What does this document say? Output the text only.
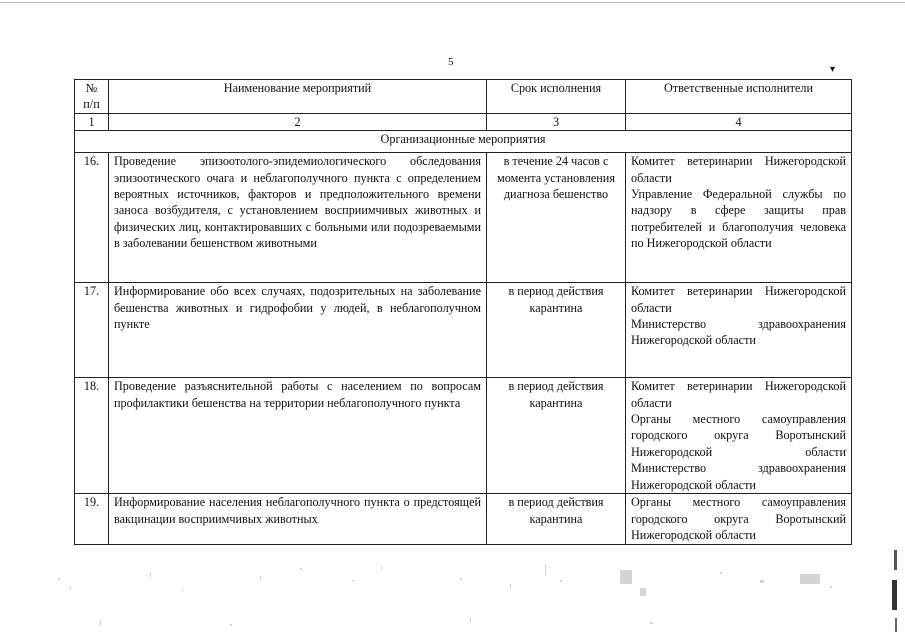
5
▾
№ п/п	Наименование мероприятий	Срок исполнения	Ответственные исполнители
1	2	3	4
Организационные мероприятия			
16.	Проведение эпизоотолого-эпидемиологического обследования эпизоотического очага и неблагополучного пункта с определением вероятных источников, факторов и предположительного времени заноса возбудителя, с установлением восприимчивых животных и физических лиц, контактировавших с больными или подозреваемыми в заболевании бешенством животными	в течение 24 часов с момента установления диагноза бешенство	Комитет ветеринарии Нижегородской области
Управление Федеральной службы по надзору в сфере защиты прав потребителей и благополучия человека по Нижегородской области

17.	Информирование обо всех случаях, подозрительных на заболевание бешенства животных и гидрофобии у людей, в неблагополучном пункте	в период действия карантина	Комитет ветеринарии Нижегородской области
Министерство здравоохранения Нижегородской области

18.	Проведение разъяснительной работы с населением по вопросам профилактики бешенства на территории неблагополучного пункта	в период действия карантина	Комитет ветеринарии Нижегородской области
Органы местного самоуправления городского округа Воротынский Нижегородской области
Министерство здравоохранения Нижегородской области

19.	Информирование населения неблагополучного пункта о предстоящей вакцинации восприимчивых животных	в период действия карантина	Органы местного самоуправления городского округа Воротынский Нижегородской области
